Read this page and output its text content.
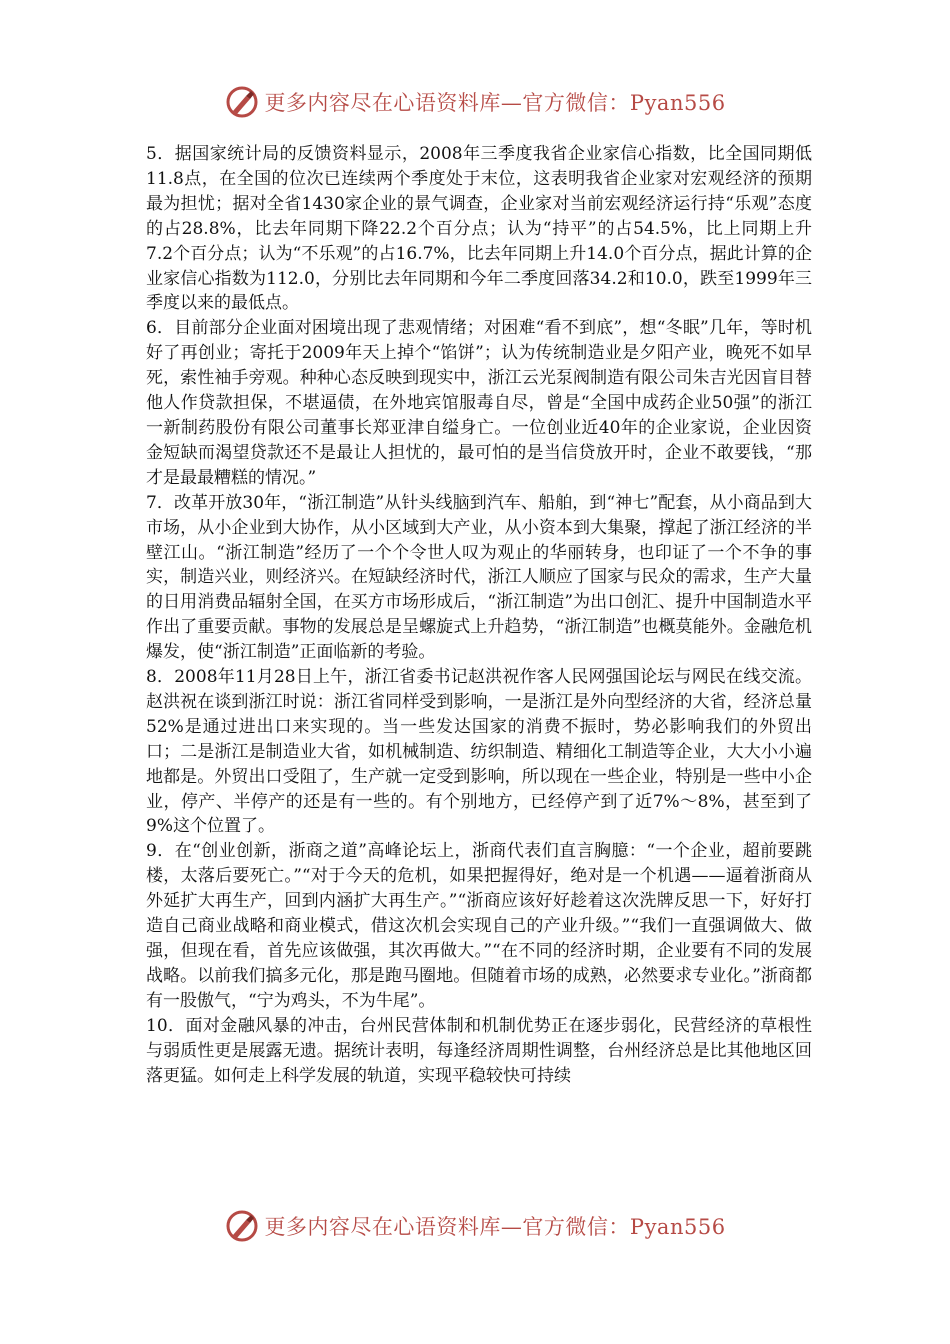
更多内容尽在心语资料库—官方微信：Pyan556

5．据国家统计局的反馈资料显示，2008年三季度我省企业家信心指数，比全国同期低11.8点，在全国的位次已连续两个季度处于末位，这表明我省企业家对宏观经济的预期最为担忧；据对全省1430家企业的景气调查，企业家对当前宏观经济运行持“乐观”态度的占28.8%，比去年同期下降22.2个百分点；认为“持平”的占54.5%，比上同期上升7.2个百分点；认为“不乐观”的占16.7%，比去年同期上升14.0个百分点，据此计算的企业家信心指数为112.0，分别比去年同期和今年二季度回落34.2和10.0，跌至1999年三季度以来的最低点。

6．目前部分企业面对困境出现了悲观情绪；对困难“看不到底”，想“冬眠”几年，等时机好了再创业；寄托于2009年天上掉个“馅饼”；认为传统制造业是夕阳产业，晚死不如早死，索性袖手旁观。种种心态反映到现实中，浙江云光泵阀制造有限公司朱吉光因盲目替他人作贷款担保，不堪逼债，在外地宾馆服毒自尽，曾是“全国中成药企业50强”的浙江一新制药股份有限公司董事长郑亚津自缢身亡。一位创业近40年的企业家说，企业因资金短缺而渴望贷款还不是最让人担忧的，最可怕的是当信贷放开时，企业不敢要钱，“那才是最最糟糕的情况。”

7．改革开放30年，“浙江制造”从针头线脑到汽车、船舶，到“神七”配套，从小商品到大市场，从小企业到大协作，从小区域到大产业，从小资本到大集聚，撑起了浙江经济的半壁江山。“浙江制造”经历了一个个令世人叹为观止的华丽转身，也印证了一个不争的事实，制造兴业，则经济兴。在短缺经济时代，浙江人顺应了国家与民众的需求，生产大量的日用消费品辐射全国，在买方市场形成后，“浙江制造”为出口创汇、提升中国制造水平作出了重要贡献。事物的发展总是呈螺旋式上升趋势，“浙江制造”也概莫能外。金融危机爆发，使“浙江制造”正面临新的考验。

8．2008年11月28日上午，浙江省委书记赵洪祝作客人民网强国论坛与网民在线交流。赵洪祝在谈到浙江时说：浙江省同样受到影响，一是浙江是外向型经济的大省，经济总量52%是通过进出口来实现的。当一些发达国家的消费不振时，势必影响我们的外贸出口；二是浙江是制造业大省，如机械制造、纺织制造、精细化工制造等企业，大大小小遍地都是。外贸出口受阻了，生产就一定受到影响，所以现在一些企业，特别是一些中小企业，停产、半停产的还是有一些的。有个别地方，已经停产到了近7%～8%，甚至到了9%这个位置了。

9．在“创业创新，浙商之道”高峰论坛上，浙商代表们直言胸臆：“一个企业，超前要跳楼，太落后要死亡。”“对于今天的危机，如果把握得好，绝对是一个机遇——逼着浙商从外延扩大再生产，回到内涵扩大再生产。”“浙商应该好好趁着这次洗牌反思一下，好好打造自己商业战略和商业模式，借这次机会实现自己的产业升级。”“我们一直强调做大、做强，但现在看，首先应该做强，其次再做大。”“在不同的经济时期，企业要有不同的发展战略。以前我们搞多元化，那是跑马圈地。但随着市场的成熟，必然要求专业化。”浙商都有一股傲气，“宁为鸡头，不为牛尾”。

10．面对金融风暴的冲击，台州民营体制和机制优势正在逐步弱化，民营经济的草根性与弱质性更是展露无遗。据统计表明，每逢经济周期性调整，台州经济总是比其他地区回落更猛。如何走上科学发展的轨道，实现平稳较快可持续

更多内容尽在心语资料库—官方微信：Pyan556
